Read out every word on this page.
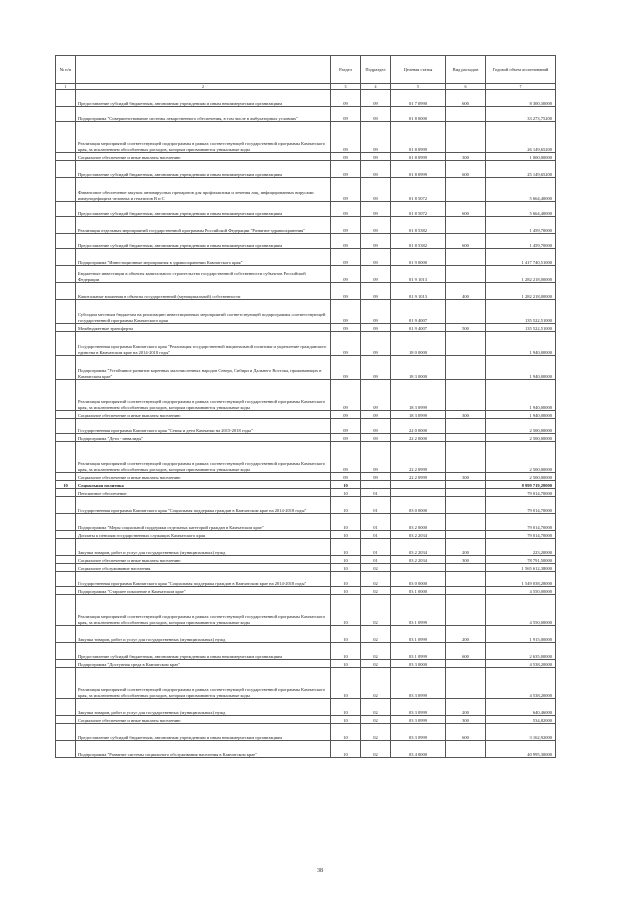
№ п/п		Раздел	Подраздел	Целевая статья	Вид расходов	Годовой объем ассигнований
1	2	3	4	5	6	7
	Предоставление субсидий бюджетным, автономным учреждениям и иным некоммерческим организациям	09	09	01 7 0990	600	8 300,30000
	Подпрограмма "Совершенствование системы лекарственного обеспечения, в том числе в амбулаторных условиях"	09	09	01 8 0000		33 273,75200
	Реализация мероприятий соответствующей подпрограммы в рамках соответствующей государственной программы Камчатского края, за исключением обособленных расходов, которым присваиваются уникальные коды	09	09	01 8 0999		26 149,65200
	Социальное обеспечение и иные выплаты населению	09	09	01 8 0999	300	1 000,00000
	Предоставление субсидий бюджетным, автономным учреждениям и иным некоммерческим организациям	09	09	01 8 0999	600	25 149,65200
	Финансовое обеспечение закупок антивирусных препаратов для профилактики и лечения лиц, инфицированных вирусами иммунодефицита человека и гепатитов B и C	09	09	01 8 5072		5 664,40000
	Предоставление субсидий бюджетным, автономным учреждениям и иным некоммерческим организациям	09	09	01 8 5072	600	5 664,40000
	Реализация отдельных мероприятий государственной программы Российской Федерации "Развитие здравоохранения"	09	09	01 8 5382		1 459,70000
	Предоставление субсидий бюджетным, автономным учреждениям и иным некоммерческим организациям	09	09	01 8 5382	600	1 459,70000
	Подпрограмма "Инвестиционные мероприятия в здравоохранении Камчатского края"	09	09	01 9 0000		1 417 740,51000
	Бюджетные инвестиции в объекты капитального строительства государственной собственности субъектов Российской Федерации	09	09	01 9 1013		1 282 218,00000
	Капитальные вложения в объекты государственной (муниципальной) собственности	09	09	01 9 1013	400	1 282 218,00000
	Субсидии местным бюджетам на реализацию инвестиционных мероприятий соответствующей подпрограммы соответствующей государственной программы Камчатского края	09	09	01 9 4007		135 522,51000
	Межбюджетные трансферты	09	09	01 9 4007	500	135 522,51000
	Государственная программа Камчатского края "Реализация государственной национальной политики и укрепление гражданского единства в Камчатском крае на 2014-2018 годы"	09	09	18 0 0000		1 940,00000
	Подпрограмма "Устойчивое развитие коренных малочисленных народов Севера, Сибири и Дальнего Востока, проживающих в Камчатском крае"	09	09	18 3 0000		1 940,00000
	Реализация мероприятий соответствующей подпрограммы в рамках соответствующей государственной программы Камчатского края, за исключением обособленных расходов, которым присваиваются уникальные коды	09	09	18 3 0999		1 940,00000
	Социальное обеспечение и иные выплаты населению	09	09	18 3 0999	300	1 940,00000
	Государственная программа Камчатского края "Семья и дети Камчатки на 2015-2018 годы"	09	09	22 0 0000		2 500,00000
	Подпрограмма "Дети - инвалиды"	09	09	22 2 0000		2 500,00000
	Реализация мероприятий соответствующей подпрограммы в рамках соответствующей государственной программы Камчатского края, за исключением обособленных расходов, которым присваиваются уникальные коды	09	09	22 2 0999		2 500,00000
	Социальное обеспечение и иные выплаты населению	09	09	22 2 0999	300	2 500,00000
10	Социальная политика	10				8 999 719,28000
	Пенсионное обеспечение	10	01			79 014,70000
	Государственная программа Камчатского края "Социальная поддержка граждан в Камчатском крае на 2014-2018 годы"	10	01	03 0 0000		79 014,70000
	Подпрограмма "Меры социальной поддержки отдельных категорий граждан в Камчатском крае"	10	01	03 2 0000		79 014,70000
	Доплаты к пенсиям государственных служащих Камчатского края	10	01	03 2 2034		79 014,70000
	Закупка товаров, работ и услуг для государственных (муниципальных) нужд	10	01	03 2 2034	200	223,20000
	Социальное обеспечение и иные выплаты населению	10	01	03 2 2034	300	78 791,50000
	Социальное обслуживание населения	10	02			1 565 612,38000
	Государственная программа Камчатского края "Социальная поддержка граждан в Камчатском крае на 2014-2018 годы"	10	02	03 0 0000		1 549 038,28000
	Подпрограмма "Старшее поколение в Камчатском крае"	10	02	03 1 0000		4 550,00000
	Реализация мероприятий соответствующей подпрограммы в рамках соответствующей государственной программы Камчатского края, за исключением обособленных расходов, которым присваиваются уникальные коды	10	02	03 1 0999		4 550,00000
	Закупка товаров, работ и услуг для государственных (муниципальных) нужд	10	02	03 1 0999	200	1 915,00000
	Предоставление субсидий бюджетным, автономным учреждениям и иным некоммерческим организациям	10	02	03 1 0999	600	2 635,00000
	Подпрограмма "Доступная среда в Камчатском крае"	10	02	03 3 0000		4 538,20000
	Реализация мероприятий соответствующей подпрограммы в рамках соответствующей государственной программы Камчатского края, за исключением обособленных расходов, которым присваиваются уникальные коды	10	02	03 3 0999		4 538,20000
	Закупка товаров, работ и услуг для государственных (муниципальных) нужд	10	02	03 3 0999	200	640,46000
	Социальное обеспечение и иные выплаты населению	10	02	03 3 0999	300	534,82000
	Предоставление субсидий бюджетным, автономным учреждениям и иным некоммерческим организациям	10	02	03 3 0999	600	3 162,92000
	Подпрограмма "Развитие системы социального обслуживания населения в Камчатском крае"	10	02	03 4 0000		40 995,30000
38
